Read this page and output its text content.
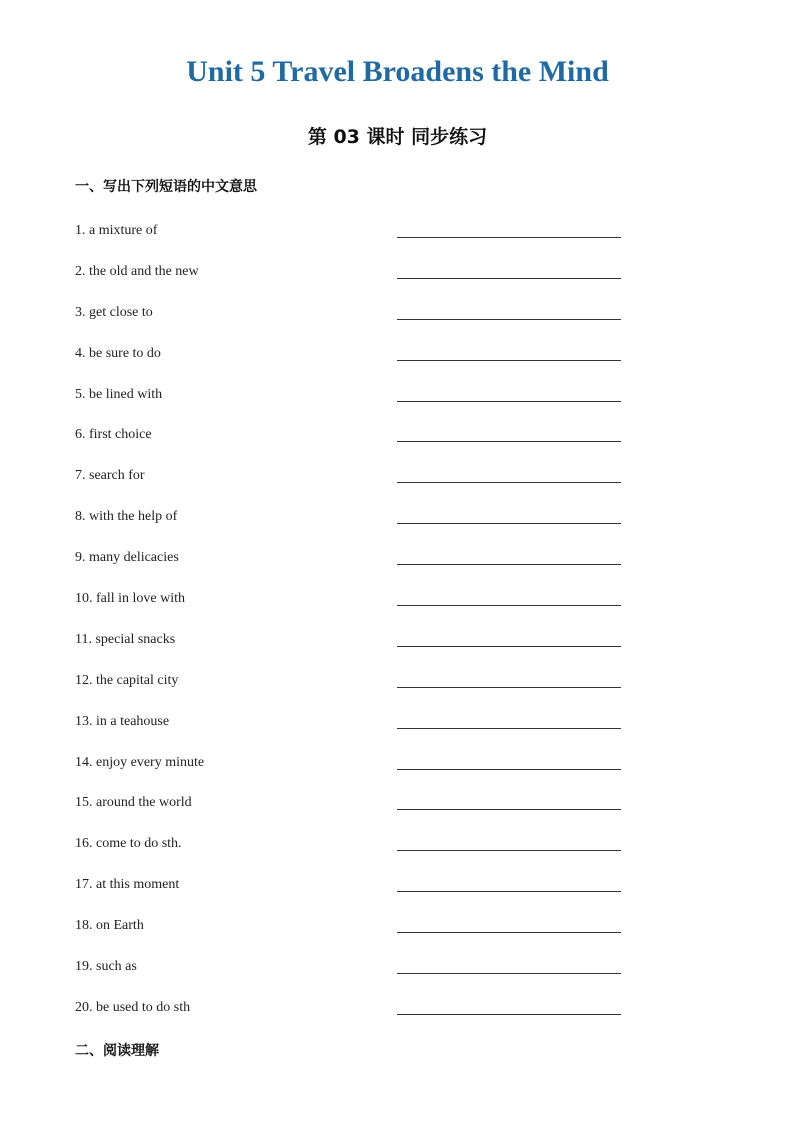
Unit 5 Travel Broadens the Mind
第 03 课时 同步练习
一、写出下列短语的中文意思
1. a mixture of
2. the old and the new
3. get close to
4. be sure to do
5. be lined with
6. first choice
7. search for
8. with the help of
9. many delicacies
10. fall in love with
11. special snacks
12. the capital city
13. in a teahouse
14. enjoy every minute
15. around the world
16. come to do sth.
17. at this moment
18. on Earth
19. such as
20. be used to do sth
二、阅读理解
